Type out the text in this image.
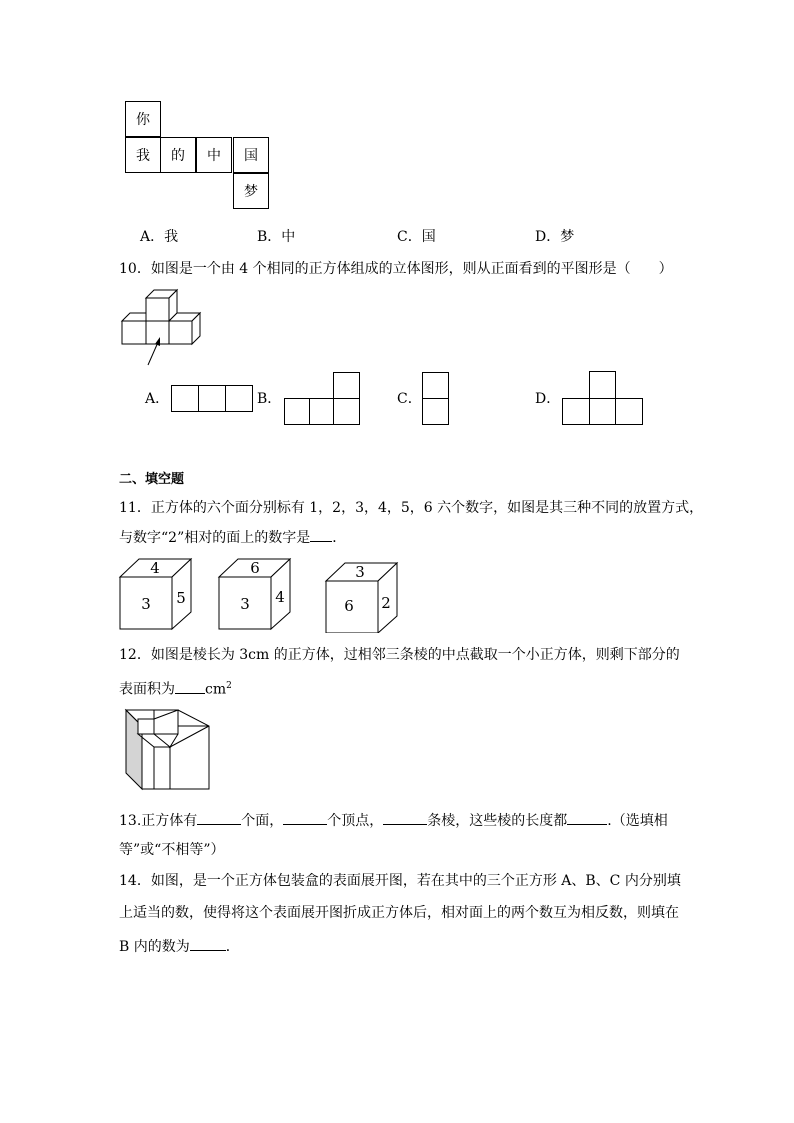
你
我 的 中 国
梦
A．我	B．中	C．国	D．梦
10．如图是一个由 4 个相同的正方体组成的立体图形，则从正面看到的平图形是（　　）
A．	B．	C．	D．
二、填空题
11．正方体的六个面分别标有 1，2，3，4，5，6 六个数字，如图是其三种不同的放置方式，
与数字“2”相对的面上的数字是 ．
4
3 5
6
3 4
3
6 2
12．如图是棱长为 3cm 的正方体，过相邻三条棱的中点截取一个小正方体，则剩下部分的
表面积为 $cm^2$
13.正方体有	个面，	个顶点，	条棱，这些棱的长度都	.（选填相
等”或“不相等”）
14．如图，是一个正方体包装盒的表面展开图，若在其中的三个正方形 A、B、C 内分别填
上适当的数，使得将这个表面展开图折成正方体后，相对面上的两个数互为相反数，则填在
B 内的数为	．
